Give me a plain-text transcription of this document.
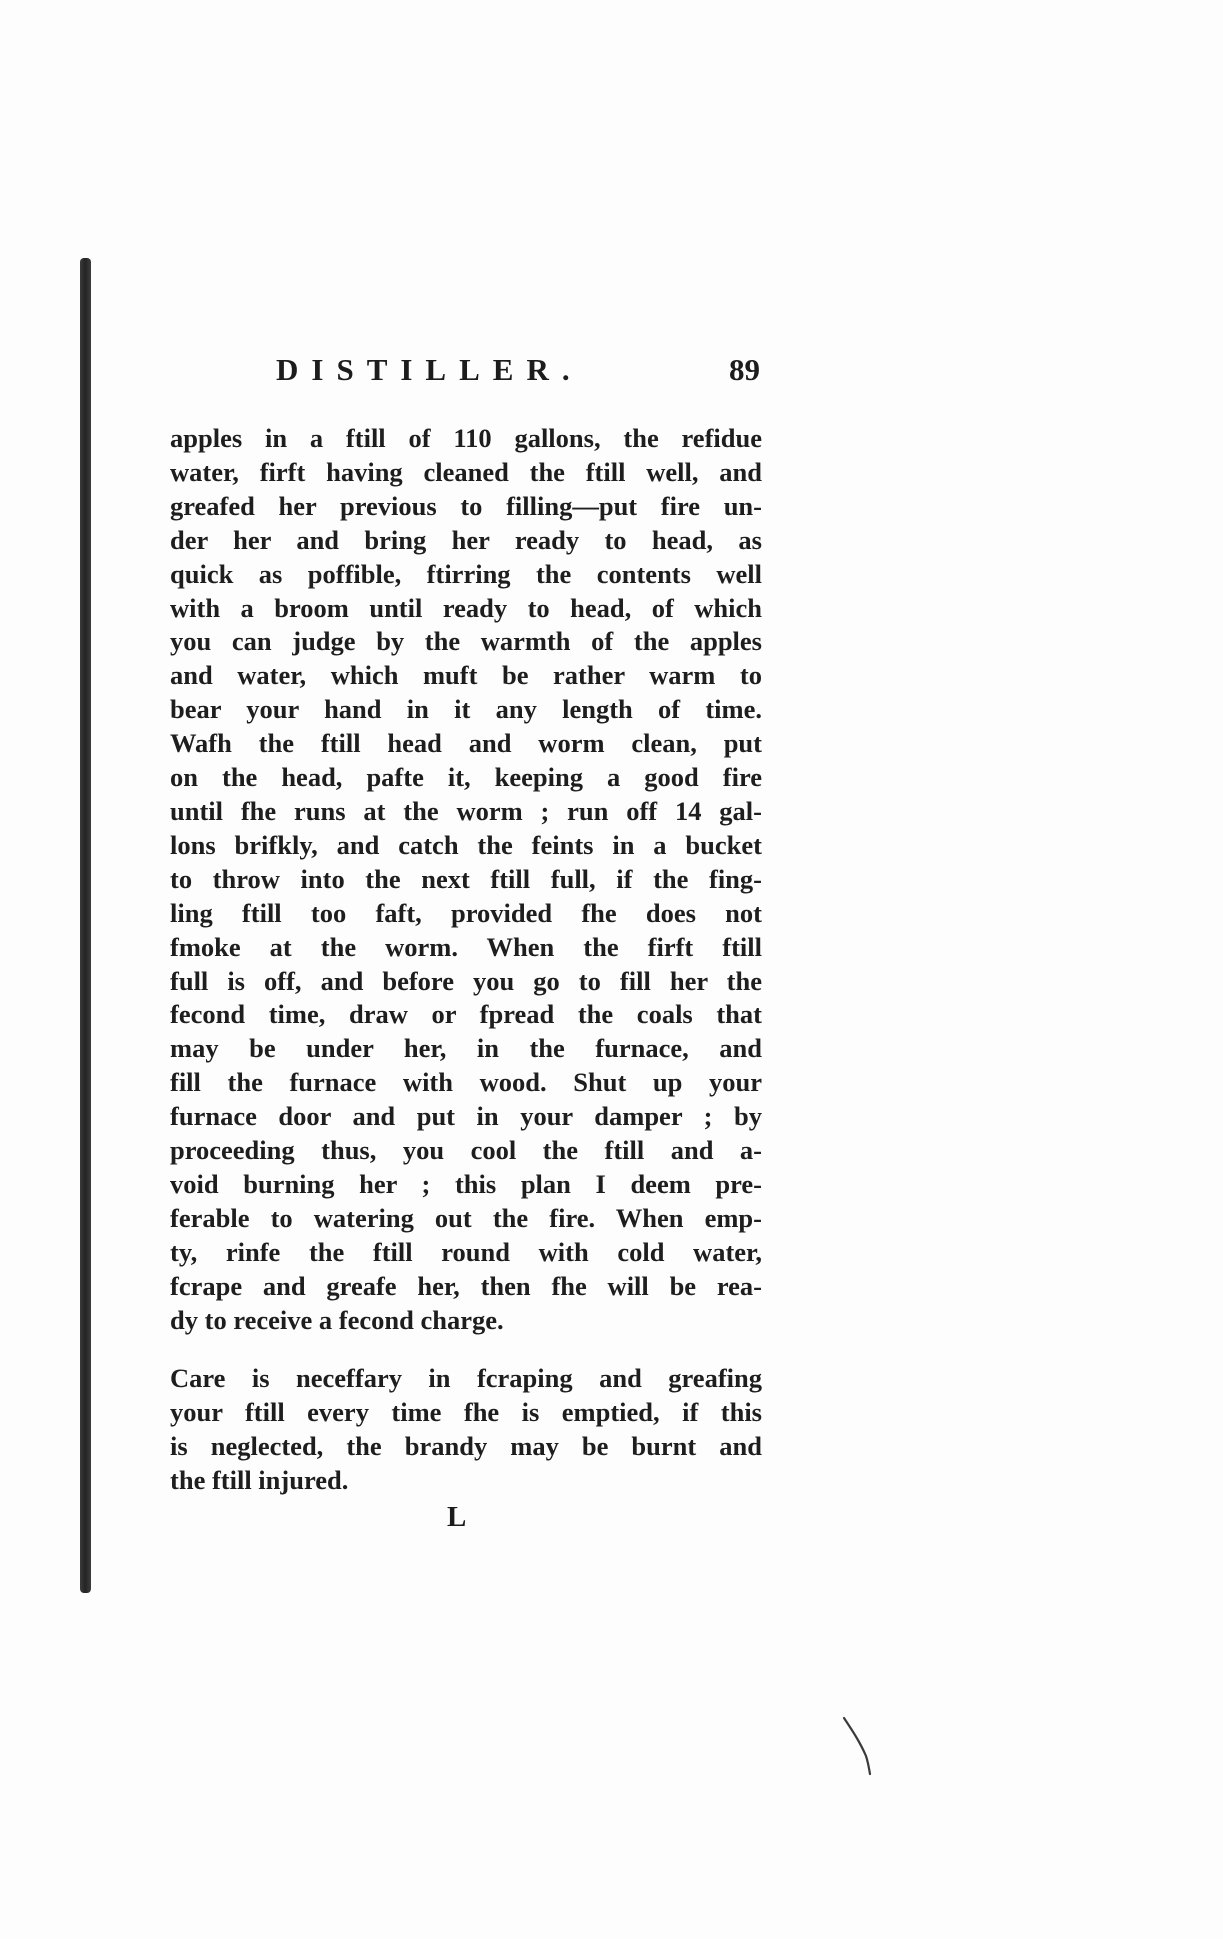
DISTILLER.	89
apples in a ftill of 110 gallons, the refidue
water, firft having cleaned the ftill well, and
greafed her previous to filling—put fire un-
der her and bring her ready to head, as
quick as poffible, ftirring the contents well
with a broom until ready to head, of which
you can judge by the warmth of the apples
and water, which muft be rather warm to
bear your hand in it any length of time.
Wafh the ftill head and worm clean, put
on the head, pafte it, keeping a good fire
until fhe runs at the worm ; run off 14 gal-
lons brifkly, and catch the feints in a bucket
to throw into the next ftill full, if the fing-
ling ftill too faft, provided fhe does not
fmoke at the worm. When the firft ftill
full is off, and before you go to fill her the
fecond time, draw or fpread the coals that
may be under her, in the furnace, and
fill the furnace with wood. Shut up your
furnace door and put in your damper ; by
proceeding thus, you cool the ftill and a-
void burning her ; this plan I deem pre-
ferable to watering out the fire. When emp-
ty, rinfe the ftill round with cold water,
fcrape and greafe her, then fhe will be rea-
dy to receive a fecond charge.
Care is neceffary in fcraping and greafing
your ftill every time fhe is emptied, if this
is neglected, the brandy may be burnt and
the ftill injured.
L
